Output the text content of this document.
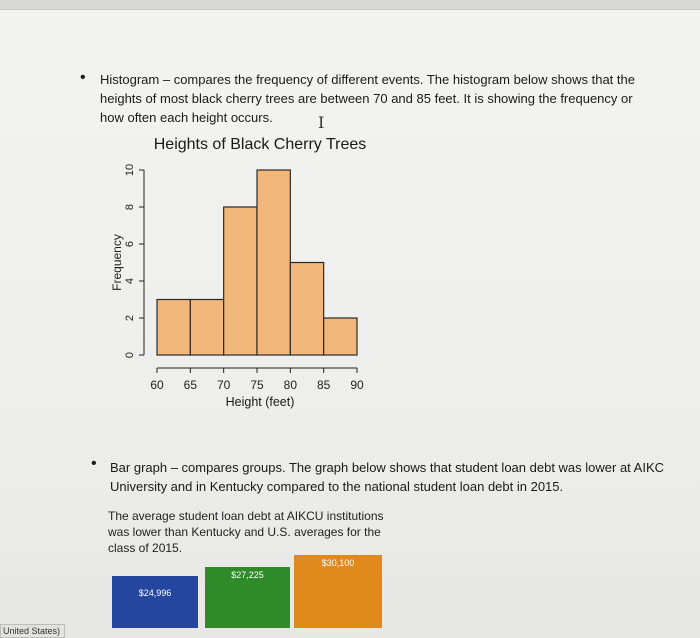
• Histogram – compares the frequency of different events. The histogram below shows that the heights of most black cherry trees are between 70 and 85 feet. It is showing the frequency or how often each height occurs.	I
Heights of Black Cherry Trees
0
2
4
6
8
10
Frequency
60 65 70 75 80 85 90
Height (feet)
• Bar graph – compares groups. The graph below shows that student loan debt was lower at AIKC University and in Kentucky compared to the national student loan debt in 2015.
The average student loan debt at AIKCU institutions was lower than Kentucky and U.S. averages for the class of 2015.
$24,996
$27,225
$30,100
United States)
